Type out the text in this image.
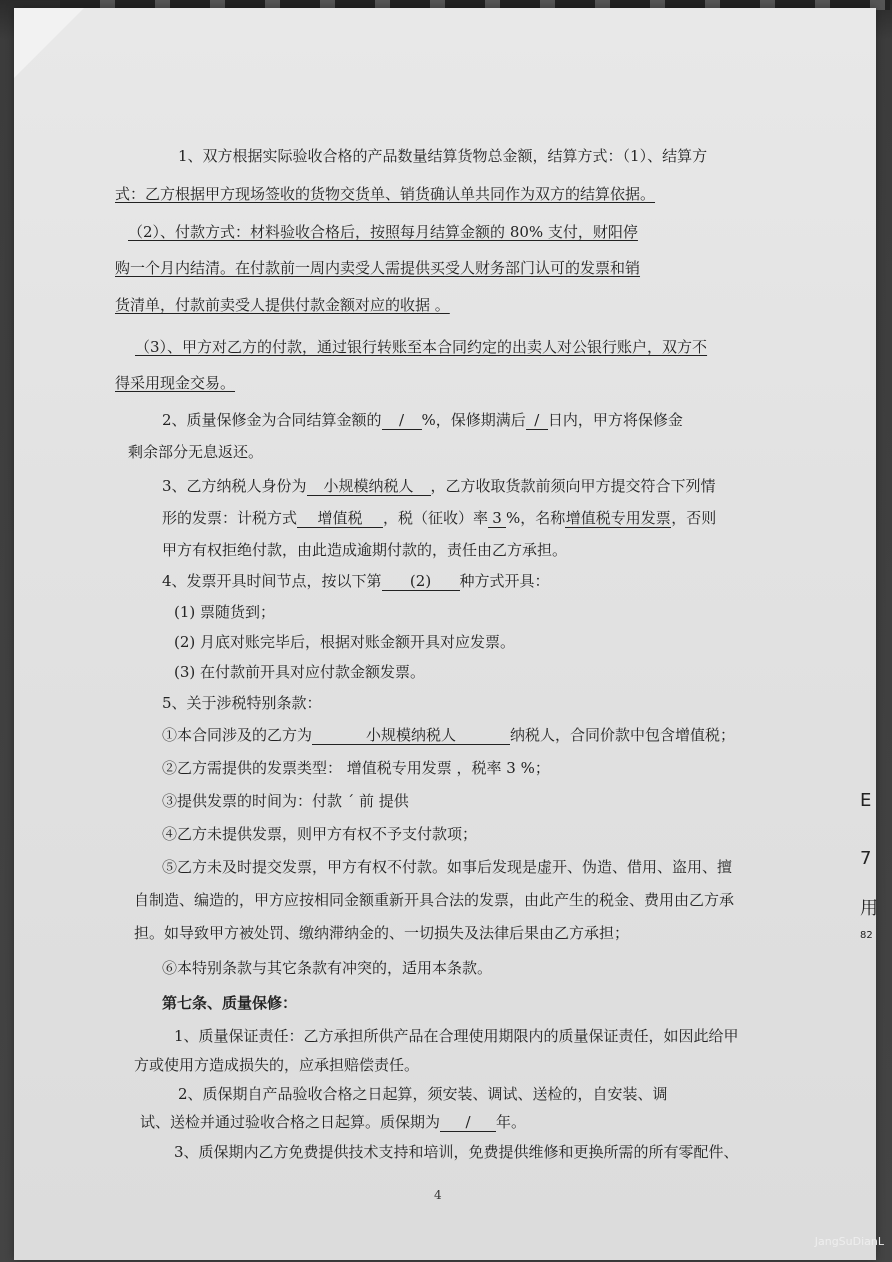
1、双方根据实际验收合格的产品数量结算货物总金额，结算方式：（1）、结算方

式：乙方根据甲方现场签收的货物交货单、销货确认单共同作为双方的结算依据。

（2）、付款方式：材料验收合格后，按照每月结算金额的 80% 支付，财阳停

购一个月内结清。在付款前一周内卖受人需提供买受人财务部门认可的发票和销

货清单，付款前卖受人提供付款金额对应的收据 。

（3）、甲方对乙方的付款，通过银行转账至本合同约定的出卖人对公银行账户，双方不

得采用现金交易。

2、质量保修金为合同结算金额的 / %，保修期满后 / 日内，甲方将保修金

剩余部分无息返还。

3、乙方纳税人身份为 小规模纳税人 ，乙方收取货款前须向甲方提交符合下列情

形的发票：计税方式 增值税 ，税（征收）率 3 %，名称增值税专用发票，否则

甲方有权拒绝付款，由此造成逾期付款的，责任由乙方承担。

4、发票开具时间节点，按以下第 (2) 种方式开具：

(1) 票随货到；

(2) 月底对账完毕后，根据对账金额开具对应发票。

(3) 在付款前开具对应付款金额发票。

5、关于涉税特别条款：

①本合同涉及的乙方为	小规模纳税人	纳税人，合同价款中包含增值税；

②乙方需提供的发票类型： 增值税专用发票 ，税率 3 %；

③提供发票的时间为：付款 ˊ 前 提供

④乙方未提供发票，则甲方有权不予支付款项；

⑤乙方未及时提交发票，甲方有权不付款。如事后发现是虚开、伪造、借用、盗用、擅

自制造、编造的，甲方应按相同金额重新开具合法的发票，由此产生的税金、费用由乙方承

担。如导致甲方被处罚、缴纳滞纳金的、一切损失及法律后果由乙方承担；

⑥本特别条款与其它条款有冲突的，适用本条款。

第七条、质量保修：

1、质量保证责任：乙方承担所供产品在合理使用期限内的质量保证责任，如因此给甲

方或使用方造成损失的，应承担赔偿责任。

2、质保期自产品验收合格之日起算，须安装、调试、送检的，自安装、调

试、送检并通过验收合格之日起算。质保期为 / 年。

3、质保期内乙方免费提供技术支持和培训，免费提供维修和更换所需的所有零配件、

E
7
用
82
4
JangSuDianL
